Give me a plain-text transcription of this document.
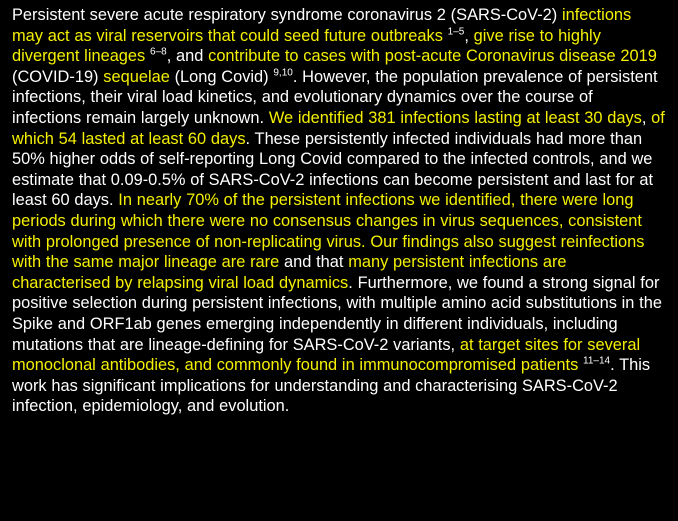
Persistent severe acute respiratory syndrome coronavirus 2 (SARS-CoV-2) infections may act as viral reservoirs that could seed future outbreaks $^{1-5}$, give rise to highly divergent lineages $^{6-8}$, and contribute to cases with post-acute Coronavirus disease 2019 (COVID-19) sequelae (Long Covid) $^{9,10}$. However, the population prevalence of persistent infections, their viral load kinetics, and evolutionary dynamics over the course of infections remain largely unknown. We identified 381 infections lasting at least 30 days, of which 54 lasted at least 60 days. These persistently infected individuals had more than 50% higher odds of self-reporting Long Covid compared to the infected controls, and we estimate that 0.09-0.5% of SARS-CoV-2 infections can become persistent and last for at least 60 days. In nearly 70% of the persistent infections we identified, there were long periods during which there were no consensus changes in virus sequences, consistent with prolonged presence of non-replicating virus. Our findings also suggest reinfections with the same major lineage are rare and that many persistent infections are characterised by relapsing viral load dynamics. Furthermore, we found a strong signal for positive selection during persistent infections, with multiple amino acid substitutions in the Spike and ORF1ab genes emerging independently in different individuals, including mutations that are lineage-defining for SARS-CoV-2 variants, at target sites for several monoclonal antibodies, and commonly found in immunocompromised patients $^{11-14}$. This work has significant implications for understanding and characterising SARS-CoV-2 infection, epidemiology, and evolution.
